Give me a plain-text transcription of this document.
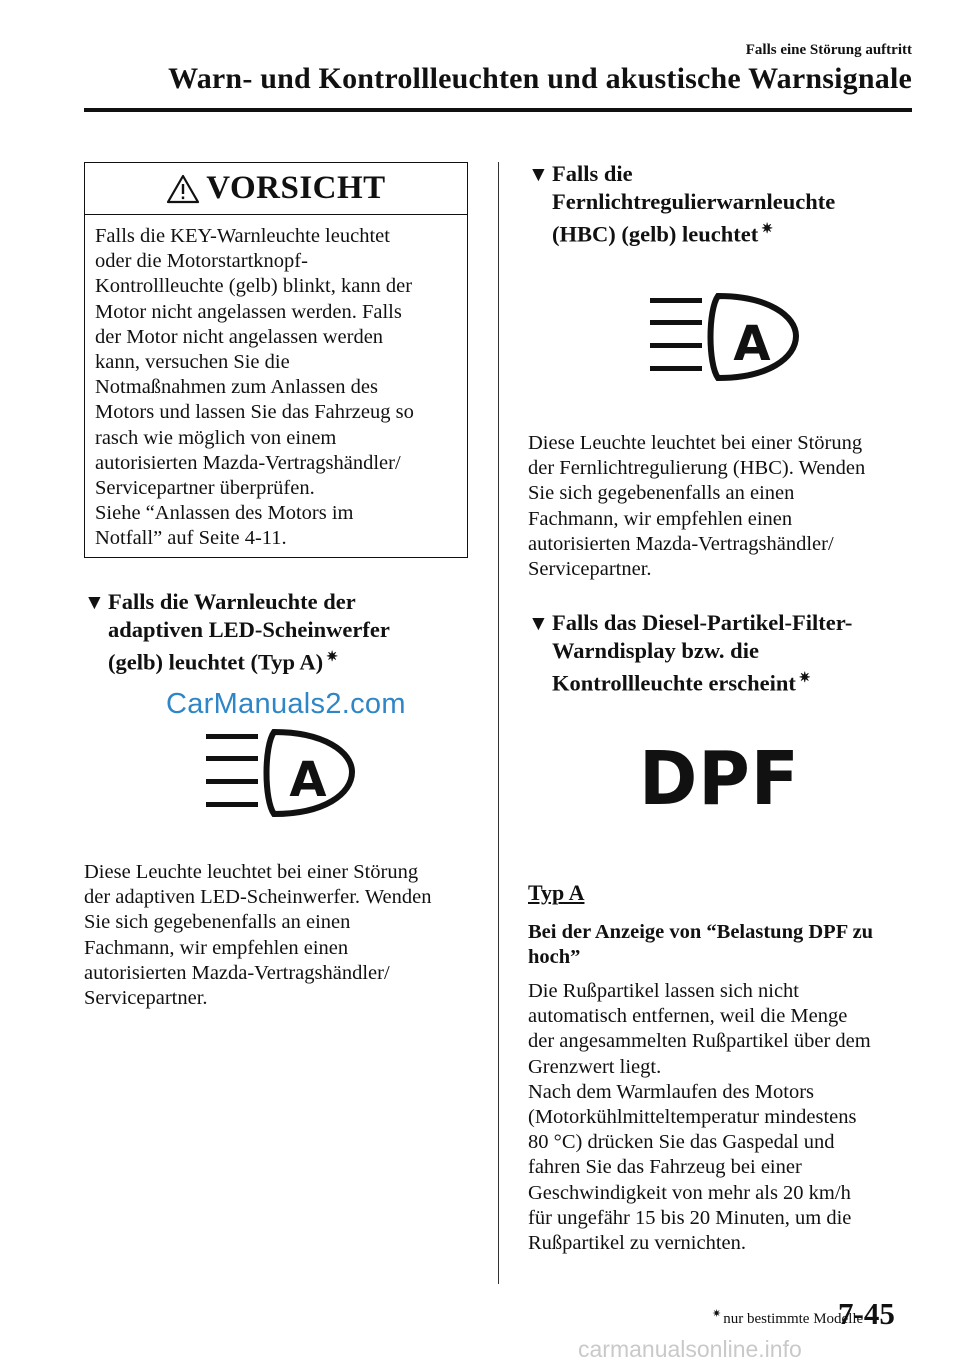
Falls eine Störung auftritt
Warn- und Kontrollleuchten und akustische Warnsignale
VORSICHT

Falls die KEY-Warnleuchte leuchtet

oder die Motorstartknopf-

Kontrollleuchte (gelb) blinkt, kann der

Motor nicht angelassen werden. Falls

der Motor nicht angelassen werden

kann, versuchen Sie die

Notmaßnahmen zum Anlassen des

Motors und lassen Sie das Fahrzeug so

rasch wie möglich von einem

autorisierten Mazda-Vertragshändler/

Servicepartner überprüfen.

Siehe “Anlassen des Motors im

Notfall” auf Seite 4-11.

▼ Falls die Warnleuchte der
adaptiven LED-Scheinwerfer
(gelb) leuchtet (Typ A) ✷
CarManuals2.com
A
Diese Leuchte leuchtet bei einer Störung
der adaptiven LED-Scheinwerfer. Wenden
Sie sich gegebenenfalls an einen
Fachmann, wir empfehlen einen
autorisierten Mazda-Vertragshändler/
Servicepartner.
▼ Falls die
Fernlichtregulierwarnleuchte
(HBC) (gelb) leuchtet ✷
A
Diese Leuchte leuchtet bei einer Störung
der Fernlichtregulierung (HBC). Wenden
Sie sich gegebenenfalls an einen
Fachmann, wir empfehlen einen
autorisierten Mazda-Vertragshändler/
Servicepartner.
▼ Falls das Diesel-Partikel-Filter-
Warndisplay bzw. die
Kontrollleuchte erscheint ✷
DPF
Typ A
Bei der Anzeige von “Belastung DPF zu
hoch”
Die Rußpartikel lassen sich nicht
automatisch entfernen, weil die Menge
der angesammelten Rußpartikel über dem
Grenzwert liegt.
Nach dem Warmlaufen des Motors
(Motorkühlmitteltemperatur mindestens
80 °C) drücken Sie das Gaspedal und
fahren Sie das Fahrzeug bei einer
Geschwindigkeit von mehr als 20 km/h
für ungefähr 15 bis 20 Minuten, um die
Rußpartikel zu vernichten.
✷ nur bestimmte Modelle
7-45
carmanualsonline.info
